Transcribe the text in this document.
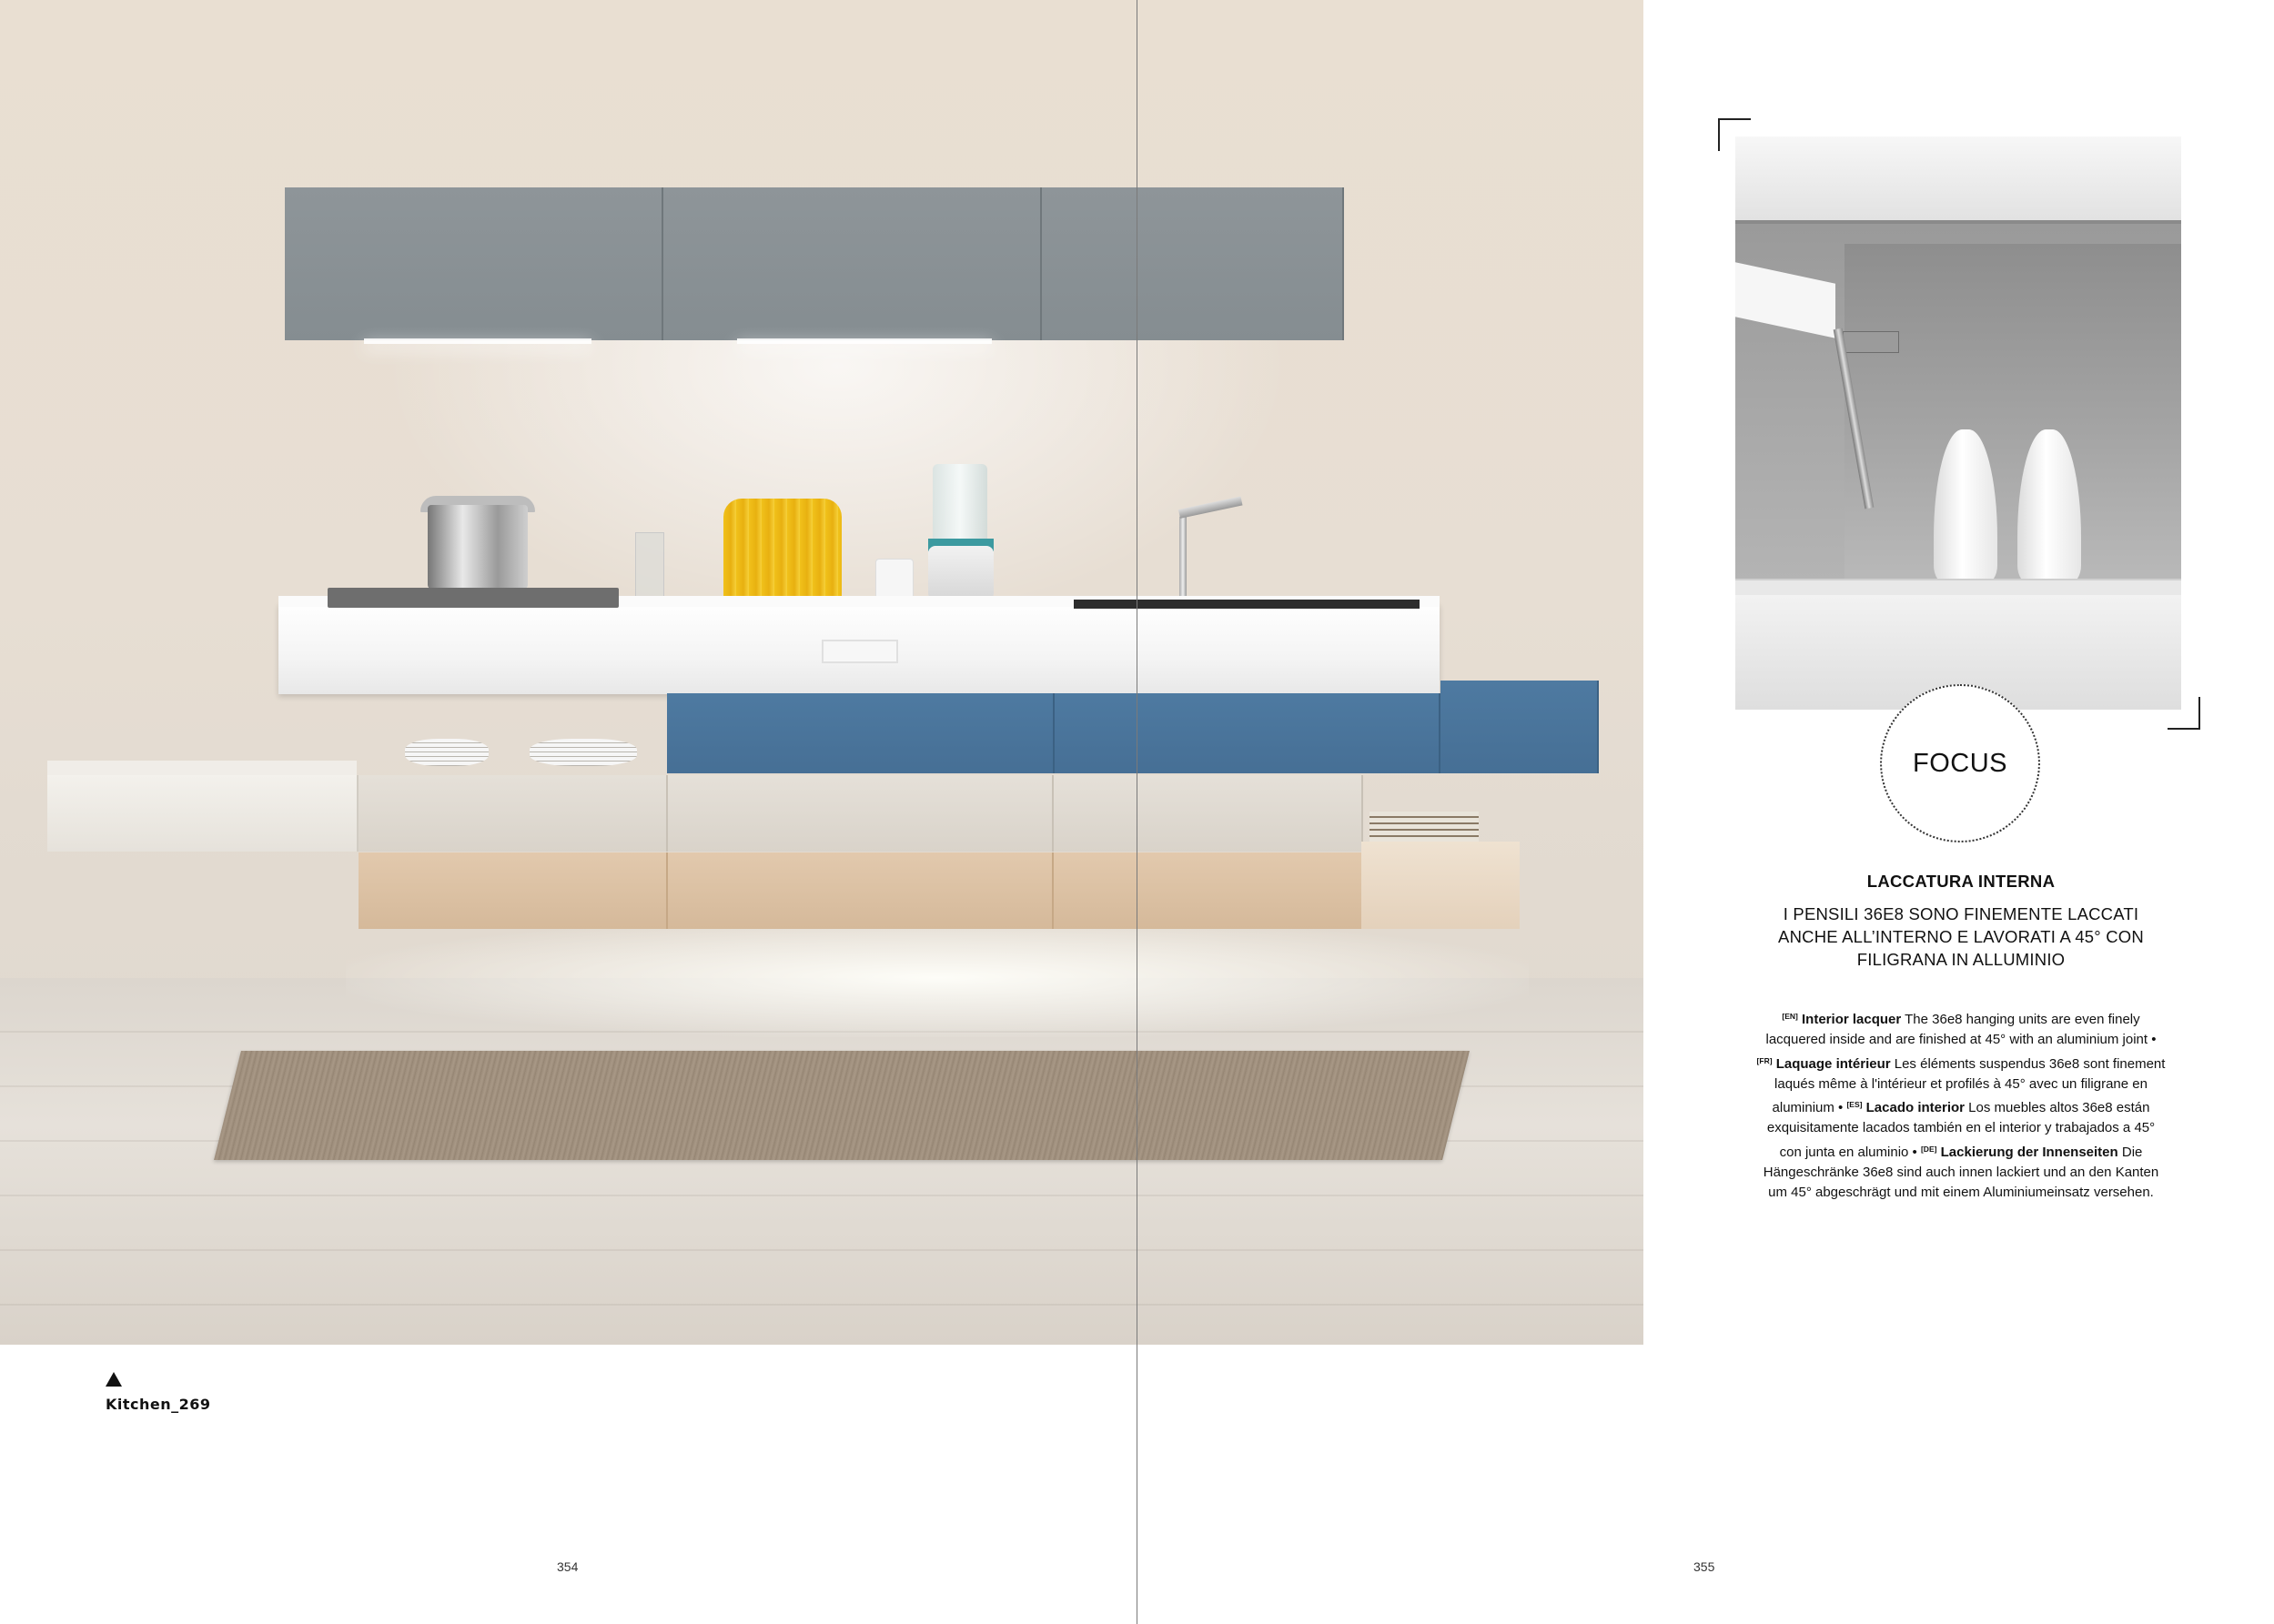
Kitchen_269
354
FOCUS
LACCATURA INTERNA
I PENSILI 36E8 SONO FINEMENTE LACCATI ANCHE ALL’INTERNO E LAVORATI A 45° CON FILIGRANA IN ALLUMINIO
[EN] Interior lacquer The 36e8 hanging units are even finely lacquered inside and are finished at 45° with an aluminium joint • [FR] Laquage intérieur Les éléments suspendus 36e8 sont finement laqués même à l'intérieur et profilés à 45° avec un filigrane en aluminium • [ES] Lacado interior Los muebles altos 36e8 están exquisitamente lacados también en el interior y trabajados a 45° con junta en aluminio • [DE] Lackierung der Innenseiten Die Hängeschränke 36e8 sind auch innen lackiert und an den Kanten um 45° abgeschrägt und mit einem Aluminiumeinsatz versehen.
355
